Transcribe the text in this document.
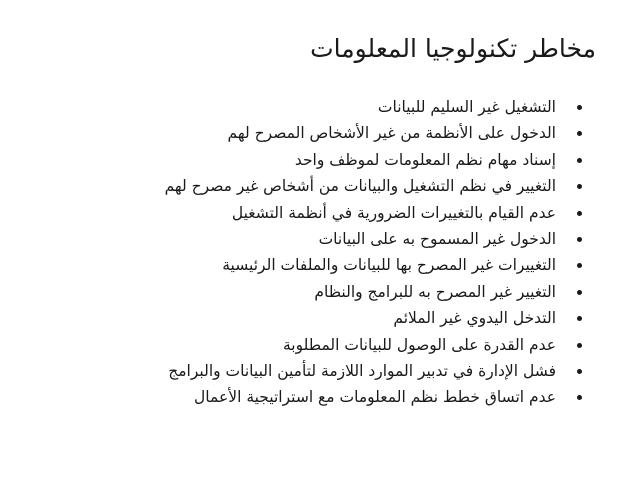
مخاطر تكنولوجيا المعلومات
التشغيل غير السليم للبيانات
الدخول على الأنظمة من غير الأشخاص المصرح لهم
إسناد مهام نظم المعلومات لموظف واحد
التغيير في نظم التشغيل والبيانات من أشخاص غير مصرح لهم
عدم القيام بالتغييرات الضرورية في أنظمة التشغيل
الدخول غير المسموح به على البيانات
التغييرات غير المصرح بها للبيانات والملفات الرئيسية
التغيير غير المصرح به للبرامج والنظام
التدخل اليدوي غير الملائم
عدم القدرة على الوصول للبيانات المطلوبة
فشل الإدارة في تدبير الموارد اللازمة لتأمين البيانات والبرامج
عدم اتساق خطط نظم المعلومات مع استراتيجية الأعمال
